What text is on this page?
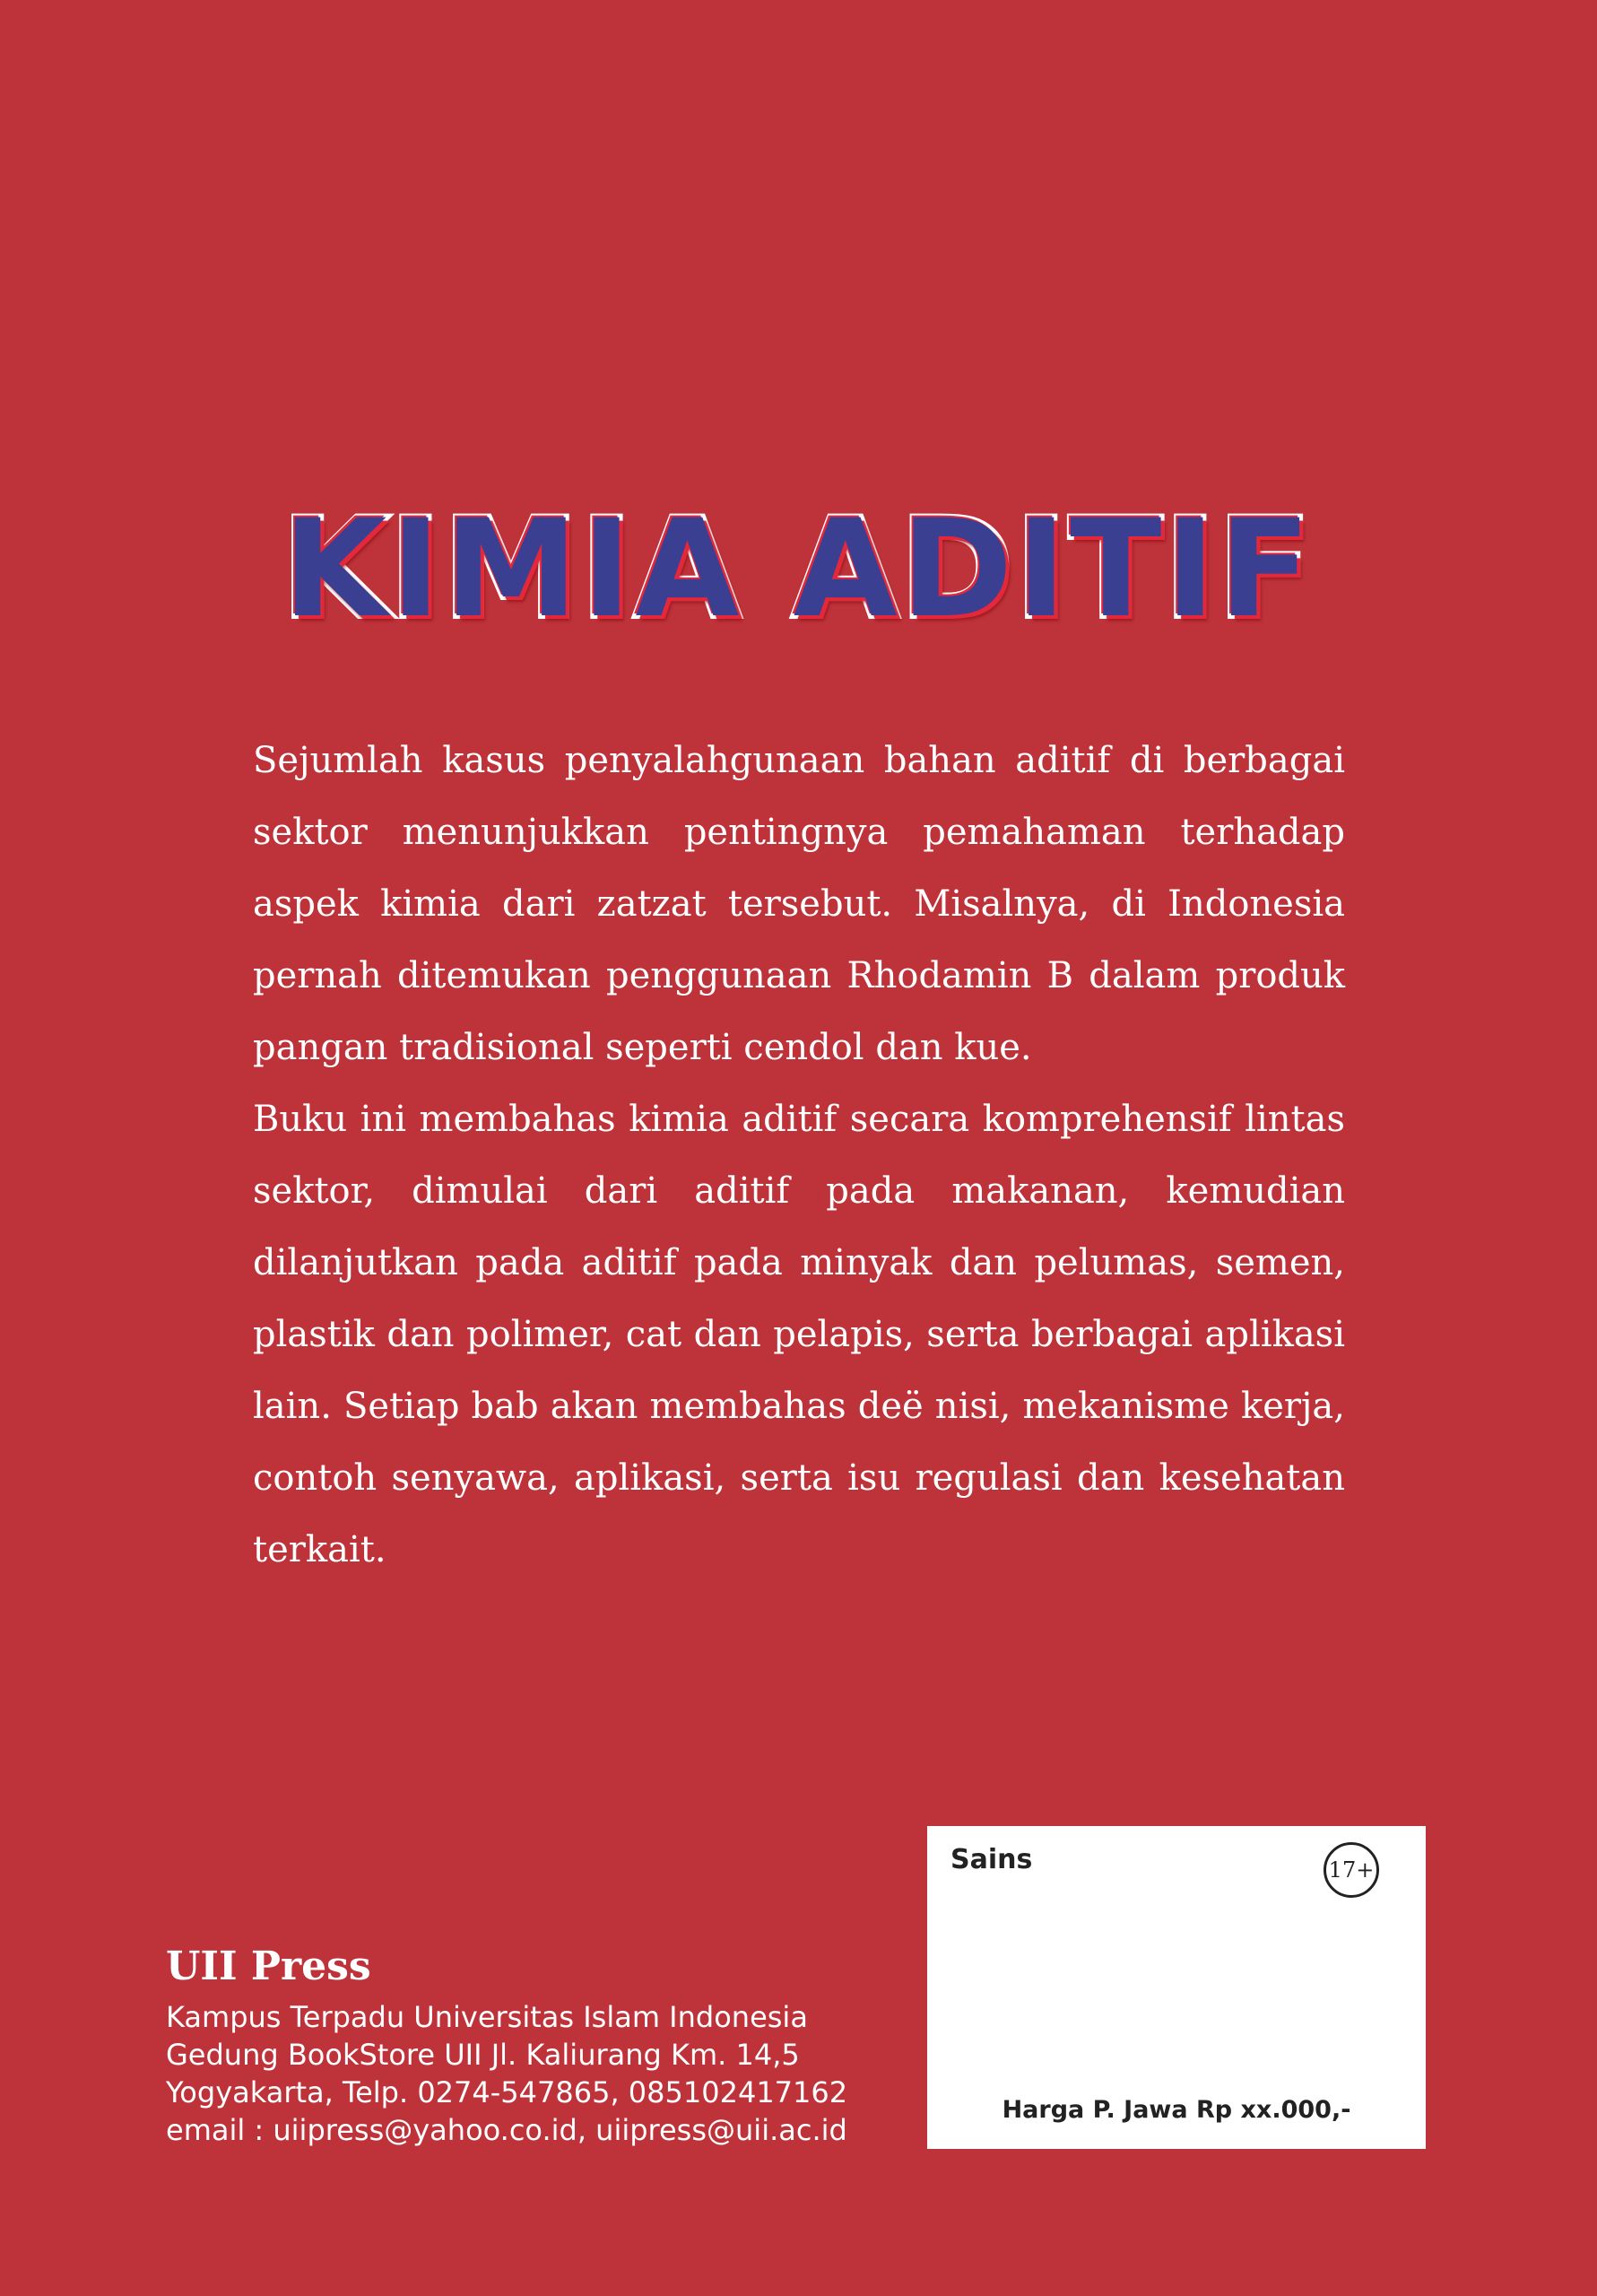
KIMIA ADITIF

Sejumlah kasus penyalahgunaan bahan aditif di berbagai sektor menunjukkan pentingnya pemahaman terhadap aspek kimia dari zatzat tersebut. Misalnya, di Indonesia pernah ditemukan penggunaan Rhodamin B dalam produk pangan tradisional seperti cendol dan kue.

Buku ini membahas kimia aditif secara komprehensif lintas sektor, dimulai dari aditif pada makanan, kemudian dilanjutkan pada aditif pada minyak dan pelumas, semen, plastik dan polimer, cat dan pelapis, serta berbagai aplikasi lain. Setiap bab akan membahas deë nisi, mekanisme kerja, contoh senyawa, aplikasi, serta isu regulasi dan kesehatan terkait.

UII Press

Kampus Terpadu Universitas Islam Indonesia

Gedung BookStore UII Jl. Kaliurang Km. 14,5

Yogyakarta, Telp. 0274-547865, 085102417162

email : uiipress@yahoo.co.id, uiipress@uii.ac.id

Sains	17+
Harga P. Jawa Rp xx.000,-
